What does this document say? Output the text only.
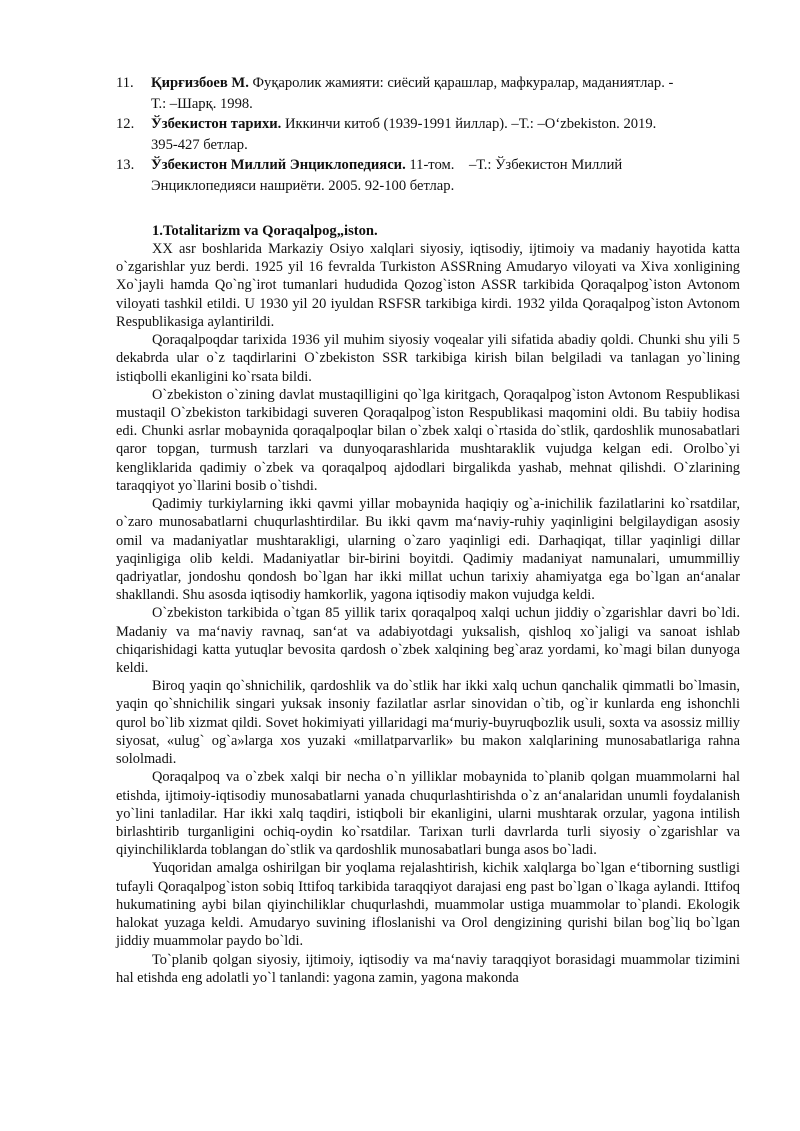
11. Қирғизбоев М. Фуқаролик жамияти: сиёсий қарашлар, мафкуралар, маданиятлар. -
Т.: –Шарқ. 1998.
12. Ўзбекистон тарихи. Иккинчи китоб (1939-1991 йиллар). –Т.: –O‘zbekiston. 2019.
395-427 бетлар.
13. Ўзбекистон Миллий Энциклопедияси. 11-том.    –Т.: Ўзбекистон Миллий
Энциклопедияси нашриёти. 2005. 92-100 бетлар.
1.Totalitarizm va Qoraqalpog„iston.

XX asr boshlarida Markaziy Osiyo xalqlari siyosiy, iqtisodiy, ijtimoiy va madaniy hayotida katta o`zgarishlar yuz berdi. 1925 yil 16 fevralda Turkiston ASSRning Amudaryo viloyati va Xiva xonligining Xo`jayli hamda Qo`ng`irot tumanlari hududida Qozog`iston ASSR tarkibida Qoraqalpog`iston Avtonom viloyati tashkil etildi. U 1930 yil 20 iyuldan RSFSR tarkibiga kirdi. 1932 yilda Qoraqalpog`iston Avtonom Respublikasiga aylantirildi.

Qoraqalpoqdar tarixida 1936 yil muhim siyosiy voqealar yili sifatida abadiy qoldi. Chunki shu yili 5 dekabrda ular o`z taqdirlarini O`zbekiston SSR tarkibiga kirish bilan belgiladi va tanlagan yo`lining istiqbolli ekanligini ko`rsata bildi.

O`zbekiston o`zining davlat mustaqilligini qo`lga kiritgach, Qoraqalpog`iston Avtonom Respublikasi mustaqil O`zbekiston tarkibidagi suveren Qoraqalpog`iston Respublikasi maqomini oldi. Bu tabiiy hodisa edi. Chunki asrlar mobaynida qoraqalpoqlar bilan o`zbek xalqi o`rtasida do`stlik, qardoshlik munosabatlari qaror topgan, turmush tarzlari va dunyoqarashlarida mushtaraklik vujudga kelgan edi. Orolbo`yi kengliklarida qadimiy o`zbek va qoraqalpoq ajdodlari birgalikda yashab, mehnat qilishdi. O`zlarining taraqqiyot yo`llarini bosib o`tishdi.

Qadimiy turkiylarning ikki qavmi yillar mobaynida haqiqiy og`a-inichilik fazilatlarini ko`rsatdilar, o`zaro munosabatlarni chuqurlashtirdilar. Bu ikki qavm ma‘naviy-ruhiy yaqinligini belgilaydigan asosiy omil va madaniyatlar mushtarakligi, ularning o`zaro yaqinligi edi. Darhaqiqat, tillar yaqinligi dillar yaqinligiga olib keldi. Madaniyatlar bir-birini boyitdi. Qadimiy madaniyat namunalari, umummilliy qadriyatlar, jondoshu qondosh bo`lgan har ikki millat uchun tarixiy ahamiyatga ega bo`lgan an‘analar shakllandi. Shu asosda iqtisodiy hamkorlik, yagona iqtisodiy makon vujudga keldi.

O`zbekiston tarkibida o`tgan 85 yillik tarix qoraqalpoq xalqi uchun jiddiy o`zgarishlar davri bo`ldi. Madaniy va ma‘naviy ravnaq, san‘at va adabiyotdagi yuksalish, qishloq xo`jaligi va sanoat ishlab chiqarishidagi katta yutuqlar bevosita qardosh o`zbek xalqining beg`araz yordami, ko`magi bilan dunyoga keldi.

Biroq yaqin qo`shnichilik, qardoshlik va do`stlik har ikki xalq uchun qanchalik qimmatli bo`lmasin, yaqin qo`shnichilik singari yuksak insoniy fazilatlar asrlar sinovidan o`tib, og`ir kunlarda eng ishonchli qurol bo`lib xizmat qildi. Sovet hokimiyati yillaridagi ma‘muriy-buyruqbozlik usuli, soxta va asossiz milliy siyosat, «ulug` og`a»larga xos yuzaki «millatparvarlik» bu makon xalqlarining munosabatlariga rahna sololmadi.

Qoraqalpoq va o`zbek xalqi bir necha o`n yilliklar mobaynida to`planib qolgan muammolarni hal etishda, ijtimoiy-iqtisodiy munosabatlarni yanada chuqurlashtirishda o`z an‘analaridan unumli foydalanish yo`lini tanladilar. Har ikki xalq taqdiri, istiqboli bir ekanligini, ularni mushtarak orzular, yagona intilish birlashtirib turganligini ochiq-oydin ko`rsatdilar. Tarixan turli davrlarda turli siyosiy o`zgarishlar va qiyinchiliklarda toblangan do`stlik va qardoshlik munosabatlari bunga asos bo`ladi.

Yuqoridan amalga oshirilgan bir yoqlama rejalashtirish, kichik xalqlarga bo`lgan e‘tiborning sustligi tufayli Qoraqalpog`iston sobiq Ittifoq tarkibida taraqqiyot darajasi eng past bo`lgan o`lkaga aylandi. Ittifoq hukumatining aybi bilan qiyinchiliklar chuqurlashdi, muammolar ustiga muammolar to`plandi. Ekologik halokat yuzaga keldi. Amudaryo suvining ifloslanishi va Orol dengizining qurishi bilan bog`liq bo`lgan jiddiy muammolar paydo bo`ldi.

To`planib qolgan siyosiy, ijtimoiy, iqtisodiy va ma‘naviy taraqqiyot borasidagi muammolar tizimini hal etishda eng adolatli yo`l tanlandi: yagona zamin, yagona makonda
